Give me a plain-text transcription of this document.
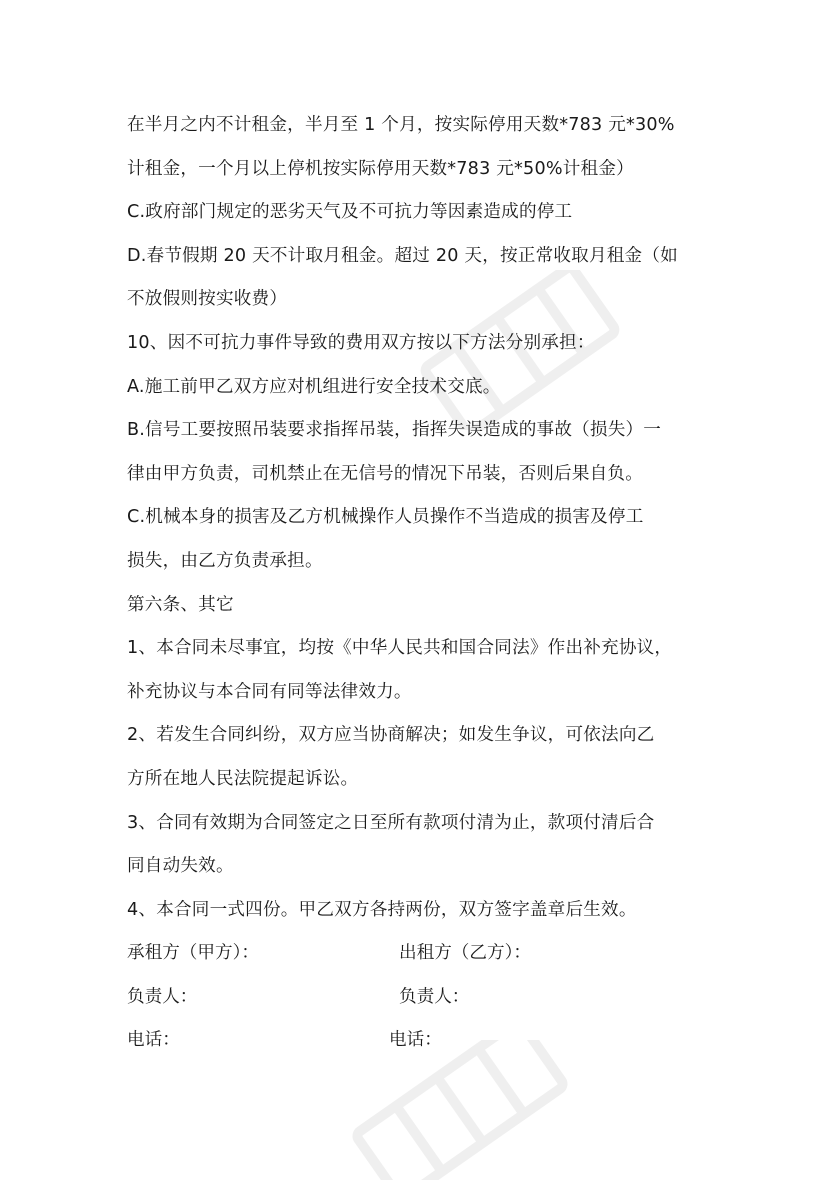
在半月之内不计租金，半月至 1 个月，按实际停用天数*783 元*30%
计租金，一个月以上停机按实际停用天数*783 元*50%计租金）
C.政府部门规定的恶劣天气及不可抗力等因素造成的停工
D.春节假期 20 天不计取月租金。超过 20 天，按正常收取月租金（如
不放假则按实收费）
10、因不可抗力事件导致的费用双方按以下方法分别承担：
A.施工前甲乙双方应对机组进行安全技术交底。
B.信号工要按照吊装要求指挥吊装，指挥失误造成的事故（损失）一
律由甲方负责，司机禁止在无信号的情况下吊装，否则后果自负。
C.机械本身的损害及乙方机械操作人员操作不当造成的损害及停工
损失，由乙方负责承担。
第六条、其它
1、本合同未尽事宜，均按《中华人民共和国合同法》作出补充协议，
补充协议与本合同有同等法律效力。
2、若发生合同纠纷，双方应当协商解决；如发生争议，可依法向乙
方所在地人民法院提起诉讼。
3、合同有效期为合同签定之日至所有款项付清为止，款项付清后合
同自动失效。
4、本合同一式四份。甲乙双方各持两份，双方签字盖章后生效。
承租方（甲方）：	出租方（乙方）：
负责人：	负责人：
电话：	电话：
